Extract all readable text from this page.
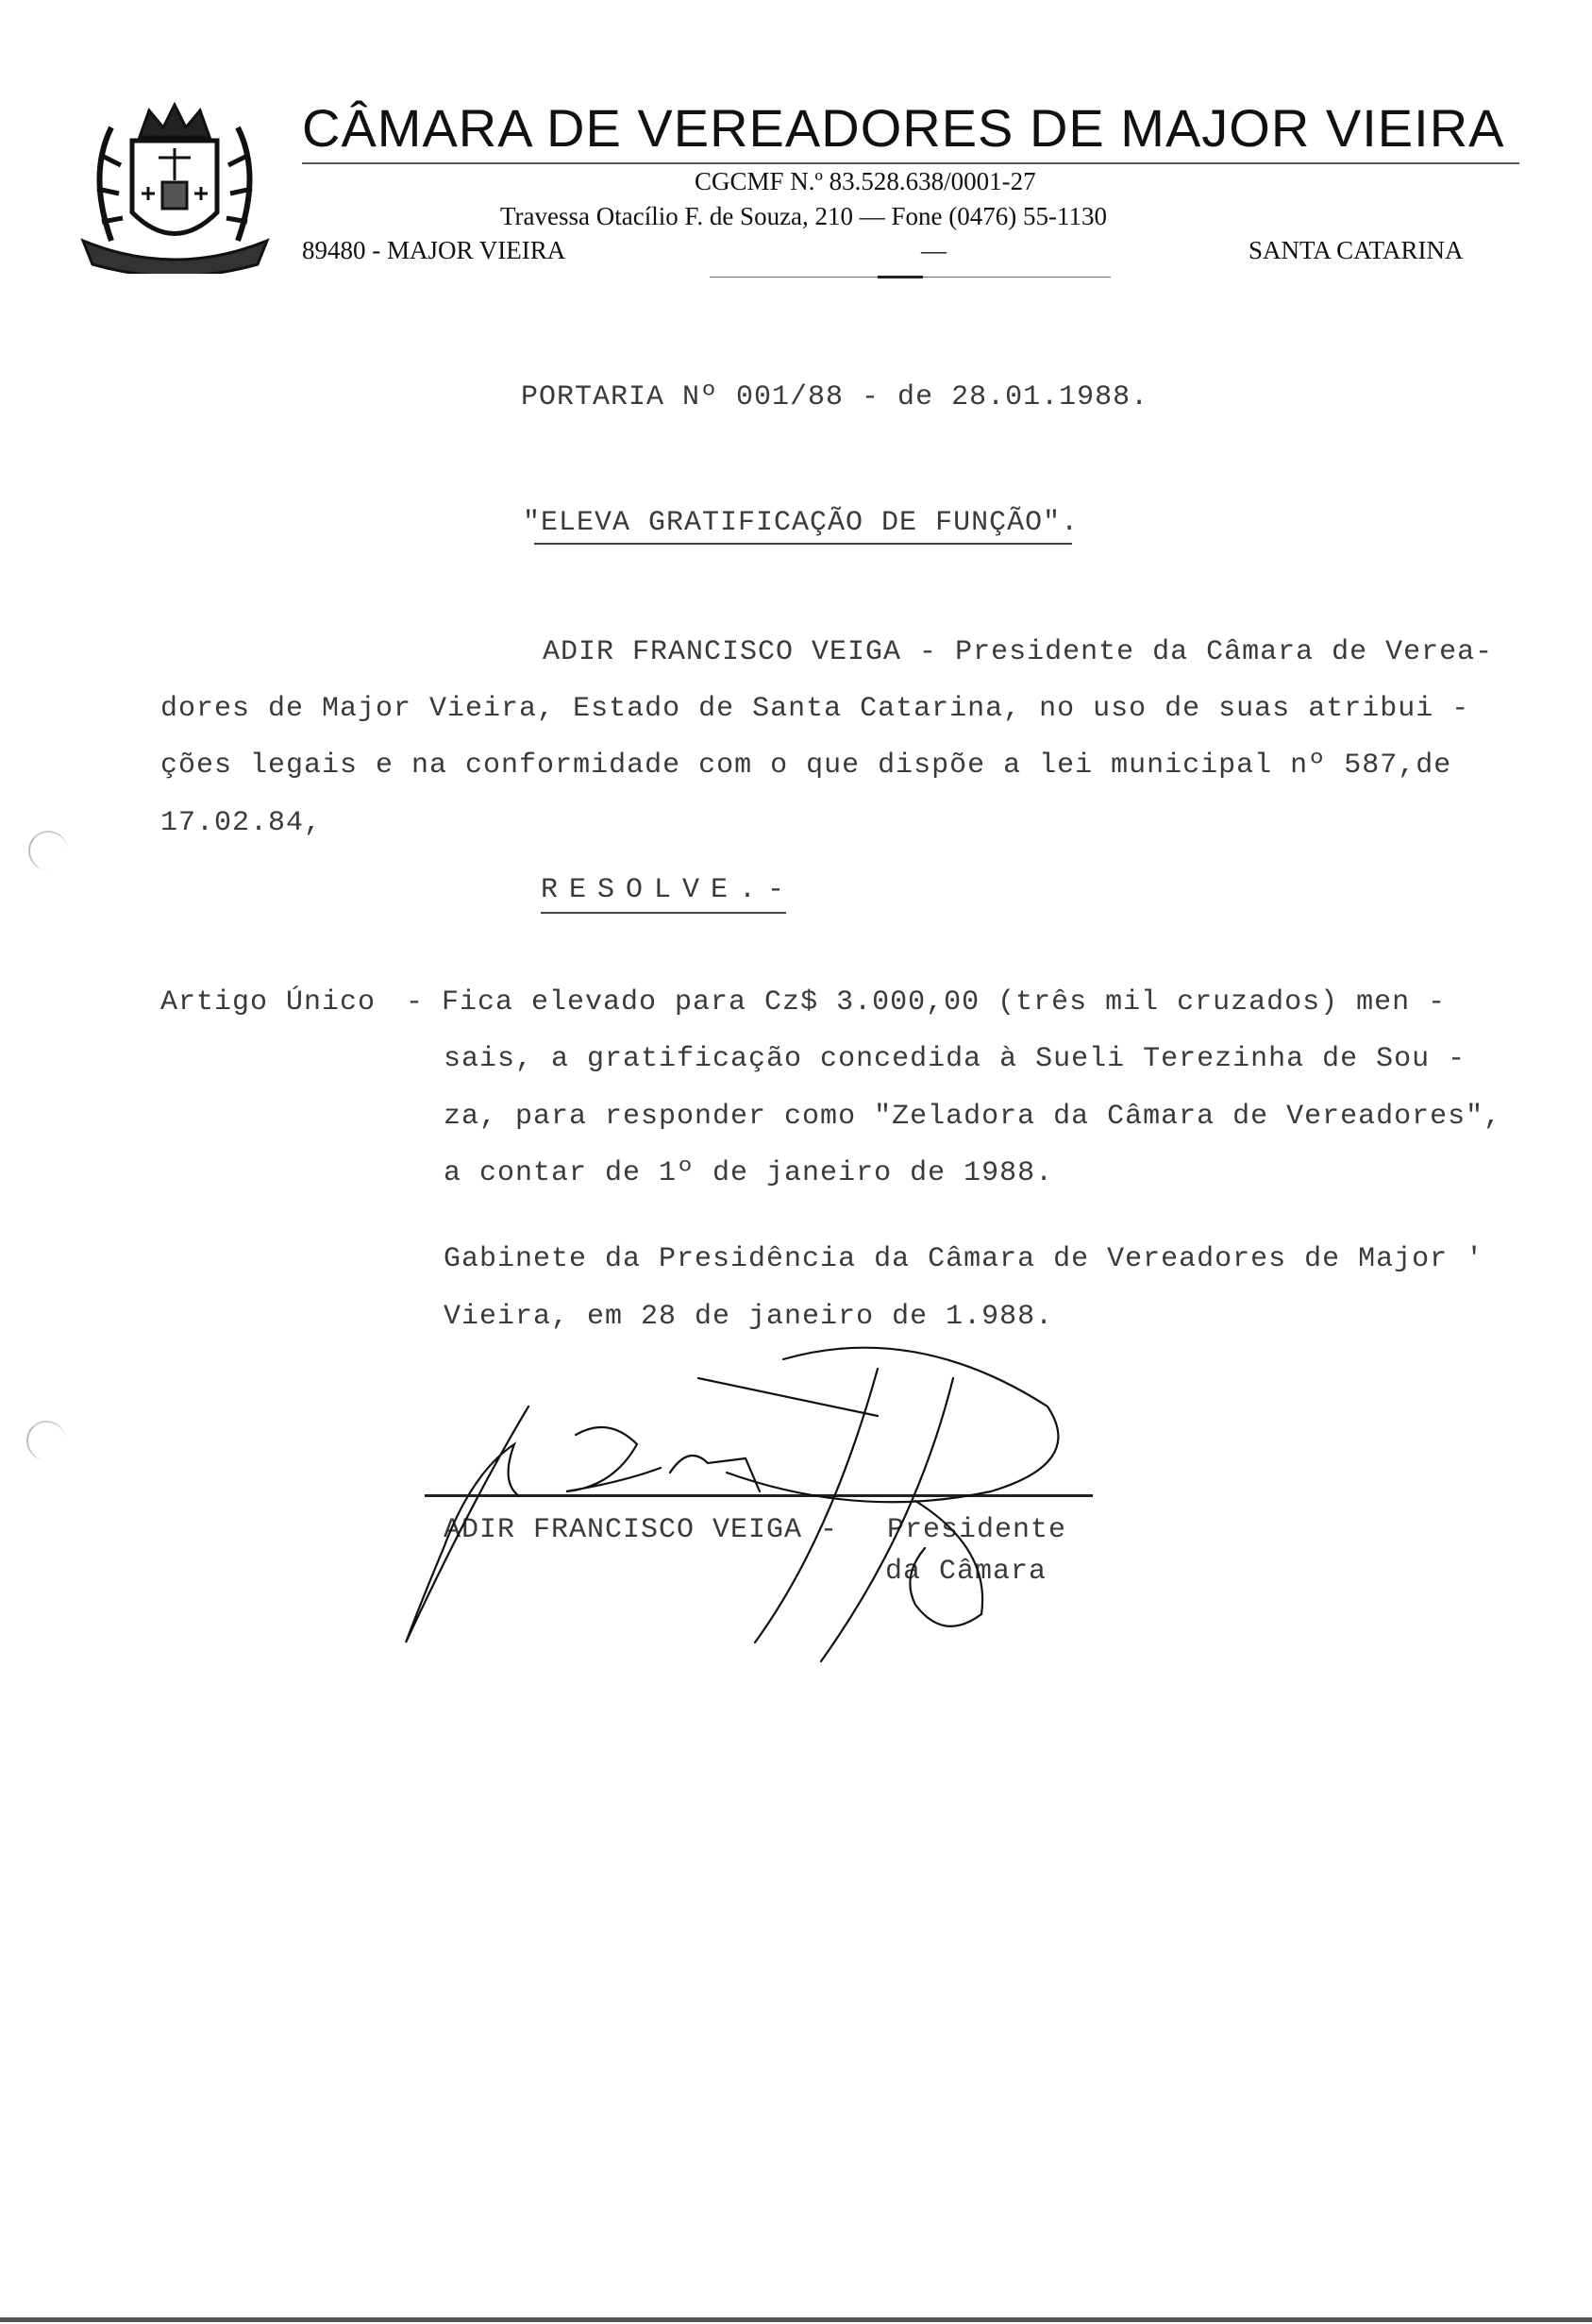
CÂMARA DE VEREADORES DE MAJOR VIEIRA
CGCMF N.º 83.528.638/0001-27
Travessa Otacílio F. de Souza, 210 — Fone (0476) 55-1130
89480 - MAJOR VIEIRA	—	SANTA CATARINA
PORTARIA Nº 001/88 - de 28.01.1988.
"ELEVA GRATIFICAÇÃO DE FUNÇÃO".
ADIR FRANCISCO VEIGA - Presidente da Câmara de Verea-
dores de Major Vieira, Estado de Santa Catarina, no uso de suas atribui -
ções legais e na conformidade com o que dispõe a lei municipal nº 587,de
17.02.84,
RESOLVE.-
Artigo Único - Fica elevado para Cz$ 3.000,00 (três mil cruzados) men -
sais, a gratificação concedida à Sueli Terezinha de Sou -
za, para responder como "Zeladora da Câmara de Vereadores",
a contar de 1º de janeiro de 1988.
Gabinete da Presidência da Câmara de Vereadores de Major '
Vieira, em 28 de janeiro de 1.988.
ADIR FRANCISCO VEIGA - Presidente
da Câmara
